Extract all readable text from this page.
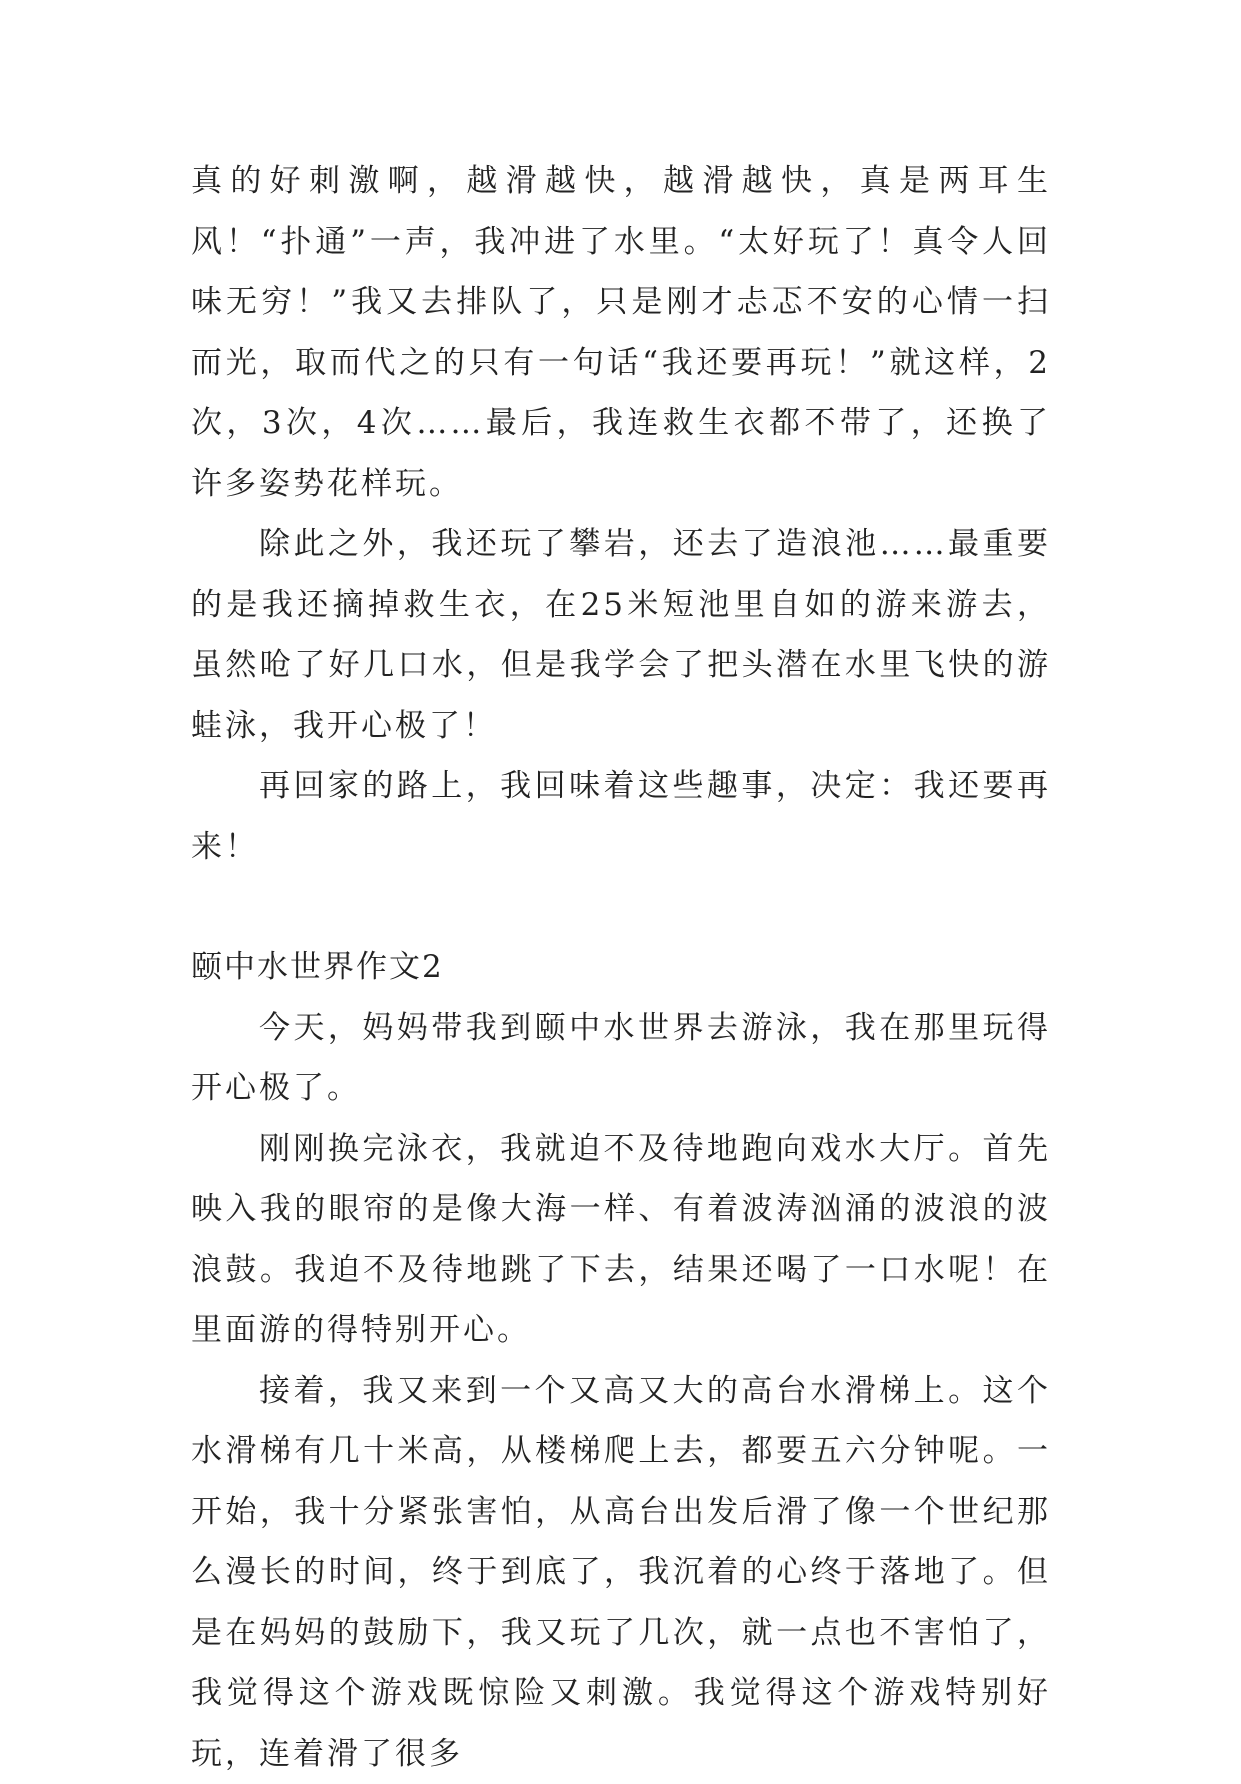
真的好刺激啊，越滑越快，越滑越快，真是两耳生风！“扑通”一声，我冲进了水里。“太好玩了！真令人回味无穷！”我又去排队了，只是刚才忐忑不安的心情一扫而光，取而代之的只有一句话“我还要再玩！”就这样，2次，3次，4次……最后，我连救生衣都不带了，还换了许多姿势花样玩。

除此之外，我还玩了攀岩，还去了造浪池……最重要的是我还摘掉救生衣，在25米短池里自如的游来游去，虽然呛了好几口水，但是我学会了把头潜在水里飞快的游蛙泳，我开心极了！

再回家的路上，我回味着这些趣事，决定：我还要再来！

颐中水世界作文2

今天，妈妈带我到颐中水世界去游泳，我在那里玩得开心极了。

刚刚换完泳衣，我就迫不及待地跑向戏水大厅。首先映入我的眼帘的是像大海一样、有着波涛汹涌的波浪的波浪鼓。我迫不及待地跳了下去，结果还喝了一口水呢！在里面游的得特别开心。

接着，我又来到一个又高又大的高台水滑梯上。这个水滑梯有几十米高，从楼梯爬上去，都要五六分钟呢。一开始，我十分紧张害怕，从高台出发后滑了像一个世纪那么漫长的时间，终于到底了，我沉着的心终于落地了。但是在妈妈的鼓励下，我又玩了几次，就一点也不害怕了，我觉得这个游戏既惊险又刺激。我觉得这个游戏特别好玩，连着滑了很多
